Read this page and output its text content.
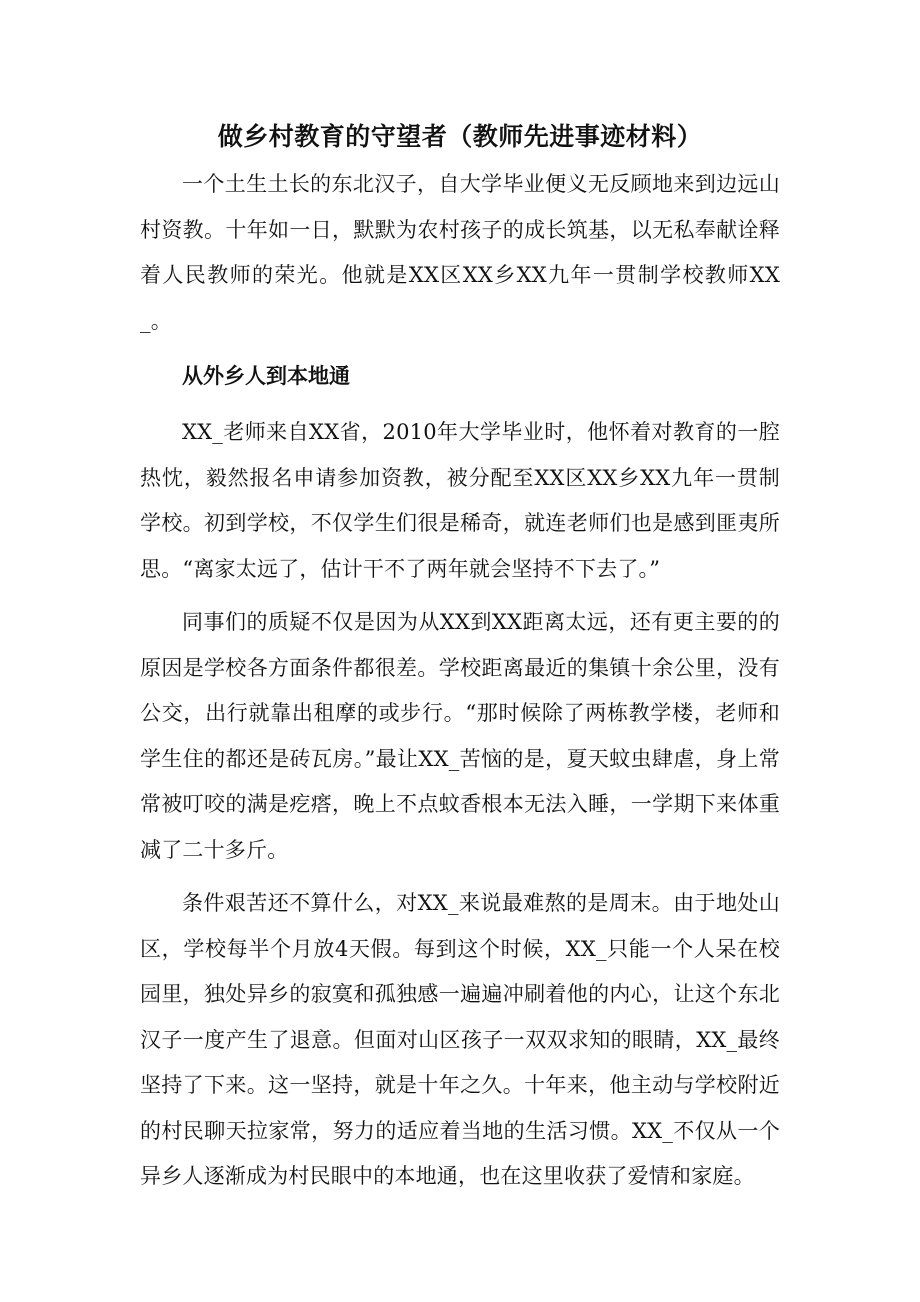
做乡村教育的守望者（教师先进事迹材料）

一个土生土长的东北汉子，自大学毕业便义无反顾地来到边远山村资教。十年如一日，默默为农村孩子的成长筑基，以无私奉献诠释着人民教师的荣光。他就是XX区XX乡XX九年一贯制学校教师XX_。

从外乡人到本地通

XX_老师来自XX省，2010年大学毕业时，他怀着对教育的一腔热忱，毅然报名申请参加资教，被分配至XX区XX乡XX九年一贯制学校。初到学校，不仅学生们很是稀奇，就连老师们也是感到匪夷所思。“离家太远了，估计干不了两年就会坚持不下去了。”

同事们的质疑不仅是因为从XX到XX距离太远，还有更主要的的原因是学校各方面条件都很差。学校距离最近的集镇十余公里，没有公交，出行就靠出租摩的或步行。“那时候除了两栋教学楼，老师和学生住的都还是砖瓦房。”最让XX_苦恼的是，夏天蚊虫肆虐，身上常常被叮咬的满是疙瘩，晚上不点蚊香根本无法入睡，一学期下来体重减了二十多斤。

条件艰苦还不算什么，对XX_来说最难熬的是周末。由于地处山区，学校每半个月放4天假。每到这个时候，XX_只能一个人呆在校园里，独处异乡的寂寞和孤独感一遍遍冲刷着他的内心，让这个东北汉子一度产生了退意。但面对山区孩子一双双求知的眼睛，XX_最终坚持了下来。这一坚持，就是十年之久。十年来，他主动与学校附近的村民聊天拉家常，努力的适应着当地的生活习惯。XX_不仅从一个异乡人逐渐成为村民眼中的本地通，也在这里收获了爱情和家庭。
